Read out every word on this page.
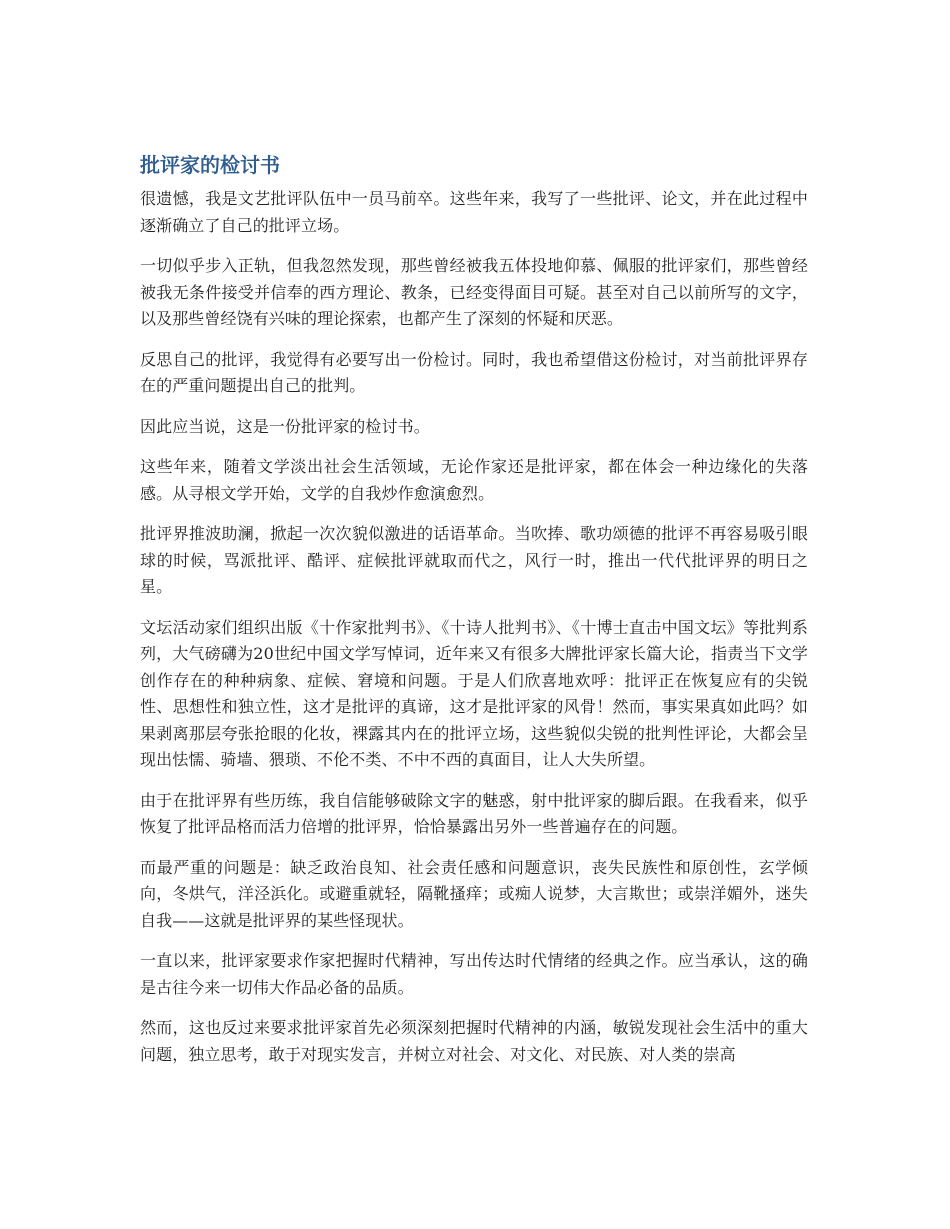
批评家的检讨书

很遗憾，我是文艺批评队伍中一员马前卒。这些年来，我写了一些批评、论文，并在此过程中逐渐确立了自己的批评立场。

一切似乎步入正轨，但我忽然发现，那些曾经被我五体投地仰慕、佩服的批评家们，那些曾经被我无条件接受并信奉的西方理论、教条，已经变得面目可疑。甚至对自己以前所写的文字，以及那些曾经饶有兴味的理论探索，也都产生了深刻的怀疑和厌恶。

反思自己的批评，我觉得有必要写出一份检讨。同时，我也希望借这份检讨，对当前批评界存在的严重问题提出自己的批判。

因此应当说，这是一份批评家的检讨书。

这些年来，随着文学淡出社会生活领域，无论作家还是批评家，都在体会一种边缘化的失落感。从寻根文学开始，文学的自我炒作愈演愈烈。

批评界推波助澜，掀起一次次貌似激进的话语革命。当吹捧、歌功颂德的批评不再容易吸引眼球的时候，骂派批评、酷评、症候批评就取而代之，风行一时，推出一代代批评界的明日之星。

文坛活动家们组织出版《十作家批判书》、《十诗人批判书》、《十博士直击中国文坛》等批判系列，大气磅礴为20世纪中国文学写悼词，近年来又有很多大牌批评家长篇大论，指责当下文学创作存在的种种病象、症候、窘境和问题。于是人们欣喜地欢呼：批评正在恢复应有的尖锐性、思想性和独立性，这才是批评的真谛，这才是批评家的风骨！然而，事实果真如此吗？如果剥离那层夸张抢眼的化妆，裸露其内在的批评立场，这些貌似尖锐的批判性评论，大都会呈现出怯懦、骑墙、猥琐、不伦不类、不中不西的真面目，让人大失所望。

由于在批评界有些历练，我自信能够破除文字的魅惑，射中批评家的脚后跟。在我看来，似乎恢复了批评品格而活力倍增的批评界，恰恰暴露出另外一些普遍存在的问题。

而最严重的问题是：缺乏政治良知、社会责任感和问题意识，丧失民族性和原创性，玄学倾向，冬烘气，洋泾浜化。或避重就轻，隔靴搔痒；或痴人说梦，大言欺世；或崇洋媚外，迷失自我——这就是批评界的某些怪现状。

一直以来，批评家要求作家把握时代精神，写出传达时代情绪的经典之作。应当承认，这的确是古往今来一切伟大作品必备的品质。

然而，这也反过来要求批评家首先必须深刻把握时代精神的内涵，敏锐发现社会生活中的重大问题，独立思考，敢于对现实发言，并树立对社会、对文化、对民族、对人类的崇高
